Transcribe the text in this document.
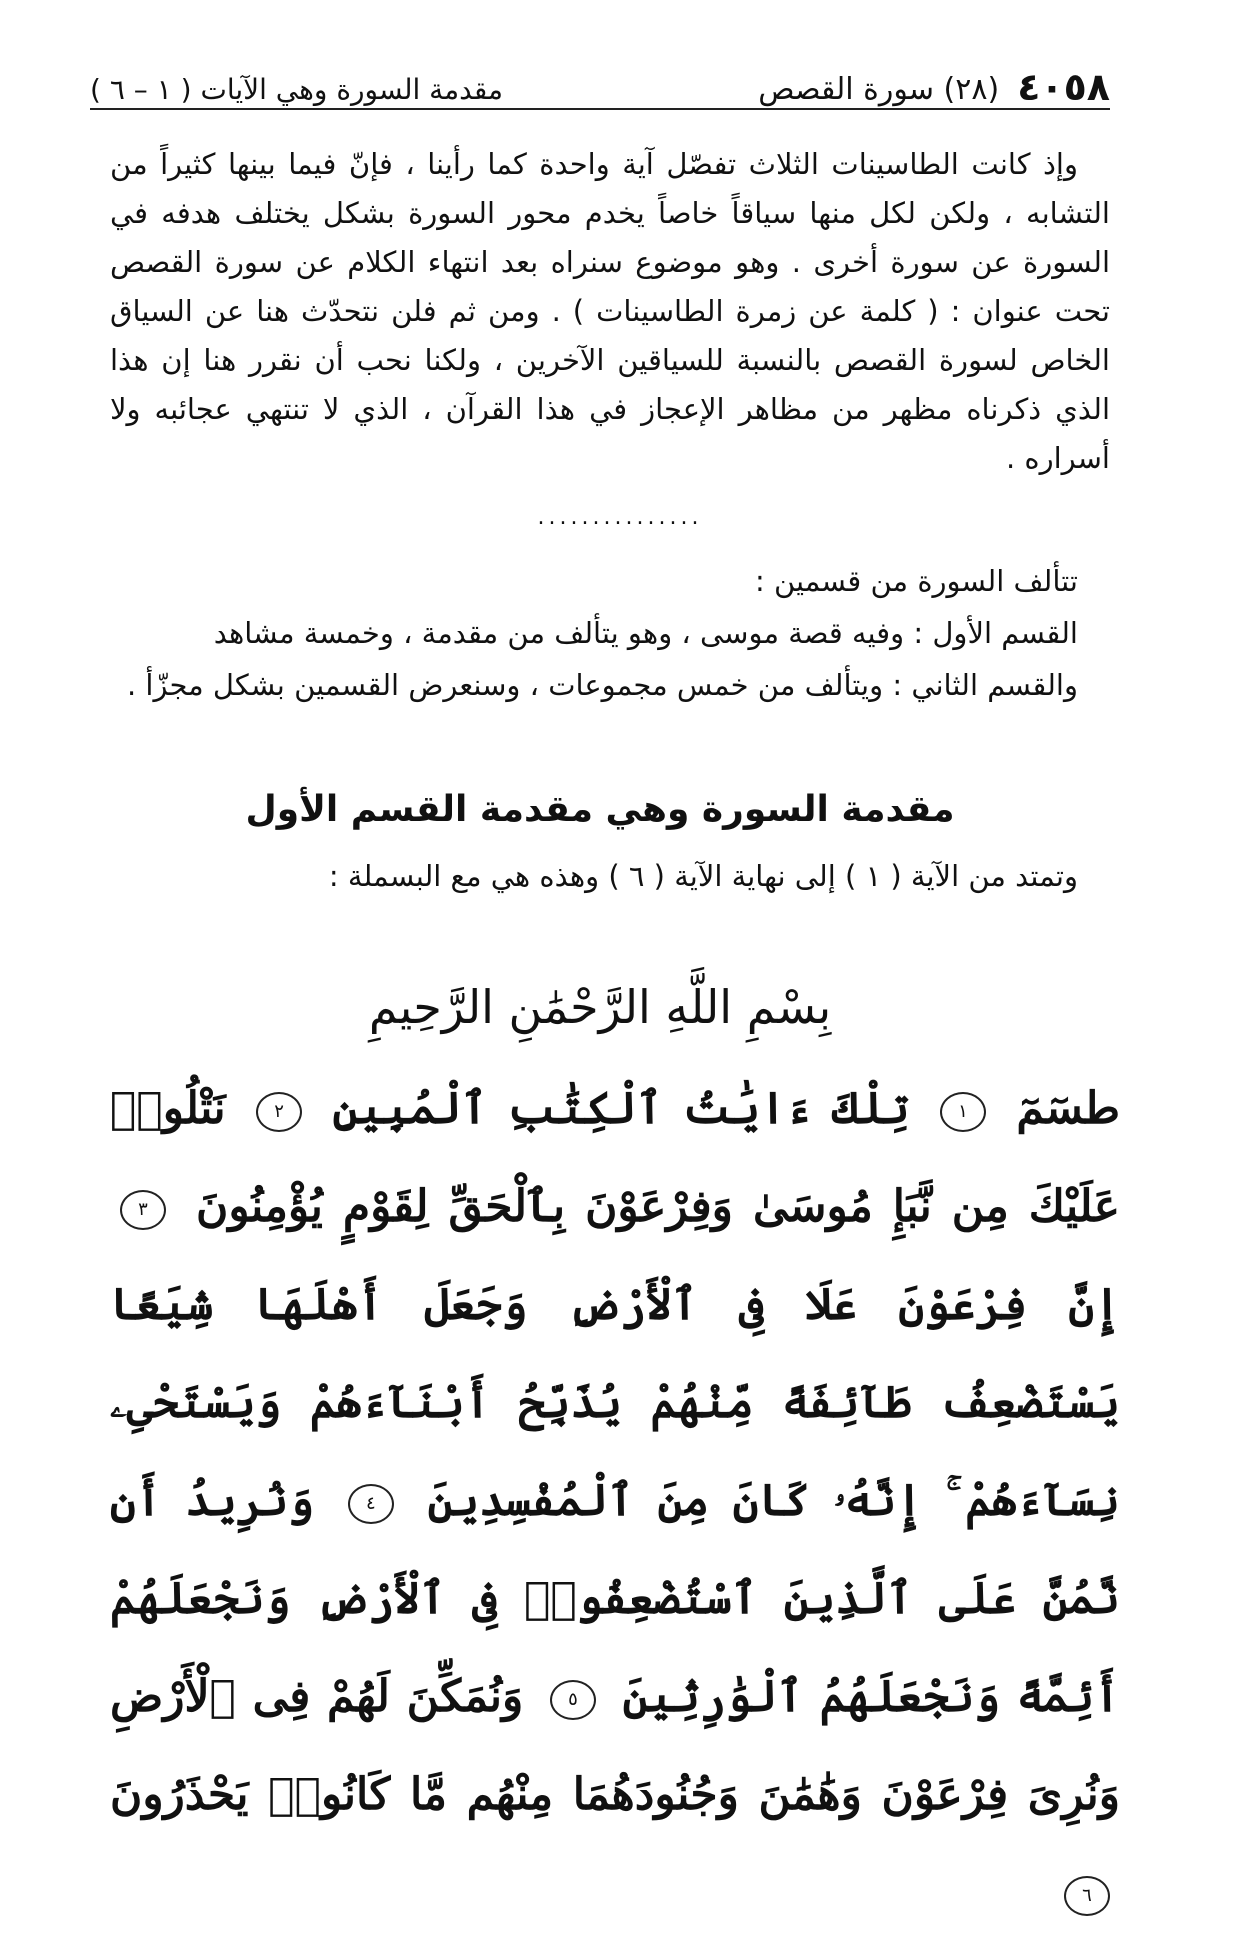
٤٠٥٨
(٢٨) سورة القصص
مقدمة السورة وهي الآيات ( ١ – ٦ )
وإذ كانت الطاسينات الثلاث تفصّل آية واحدة كما رأينا ، فإنّ فيما بينها كثيراً من التشابه ، ولكن لكل منها سياقاً خاصاً يخدم محور السورة بشكل يختلف هدفه في السورة عن سورة أخرى . وهو موضوع سنراه بعد انتهاء الكلام عن سورة القصص تحت عنوان : ( كلمة عن زمرة الطاسينات ) . ومن ثم فلن نتحدّث هنا عن السياق الخاص لسورة القصص بالنسبة للسياقين الآخرين ، ولكنا نحب أن نقرر هنا إن هذا الذي ذكرناه مظهر من مظاهر الإعجاز في هذا القرآن ، الذي لا تنتهي عجائبه ولا أسراره .
...............

تتألف السورة من قسمين :

القسم الأول : وفيه قصة موسى ، وهو يتألف من مقدمة ، وخمسة مشاهد

والقسم الثاني : ويتألف من خمس مجموعات ، وسنعرض القسمين بشكل مجزّأ .

مقدمة السورة وهي مقدمة القسم الأول

وتمتد من الآية ( ١ ) إلى نهاية الآية ( ٦ ) وهذه هي مع البسملة :

بِسْمِ اللَّهِ الرَّحْمَٰنِ الرَّحِيمِ
طسٓمٓ ١ تِلْكَ ءَايَٰتُ ٱلْكِتَٰبِ ٱلْمُبِينِ ٢ نَتْلُوا۟ عَلَيْكَ مِن نَّبَإِ مُوسَىٰ وَفِرْعَوْنَ بِٱلْحَقِّ لِقَوْمٍ يُؤْمِنُونَ ٣ إِنَّ فِرْعَوْنَ عَلَا فِى ٱلْأَرْضِ وَجَعَلَ أَهْلَهَا شِيَعًا يَسْتَضْعِفُ طَآئِفَةً مِّنْهُمْ يُذَبِّحُ أَبْنَآءَهُمْ وَيَسْتَحْىِۦ نِسَآءَهُمْ ۚ إِنَّهُۥ كَانَ مِنَ ٱلْمُفْسِدِينَ ٤ وَنُرِيدُ أَن نَّمُنَّ عَلَى ٱلَّذِينَ ٱسْتُضْعِفُوا۟ فِى ٱلْأَرْضِ وَنَجْعَلَهُمْ أَئِمَّةً وَنَجْعَلَهُمُ ٱلْوَٰرِثِينَ ٥ وَنُمَكِّنَ لَهُمْ فِى ٱلْأَرْضِ وَنُرِىَ فِرْعَوْنَ وَهَٰمَٰنَ وَجُنُودَهُمَا مِنْهُم مَّا كَانُوا۟ يَحْذَرُونَ ٦
